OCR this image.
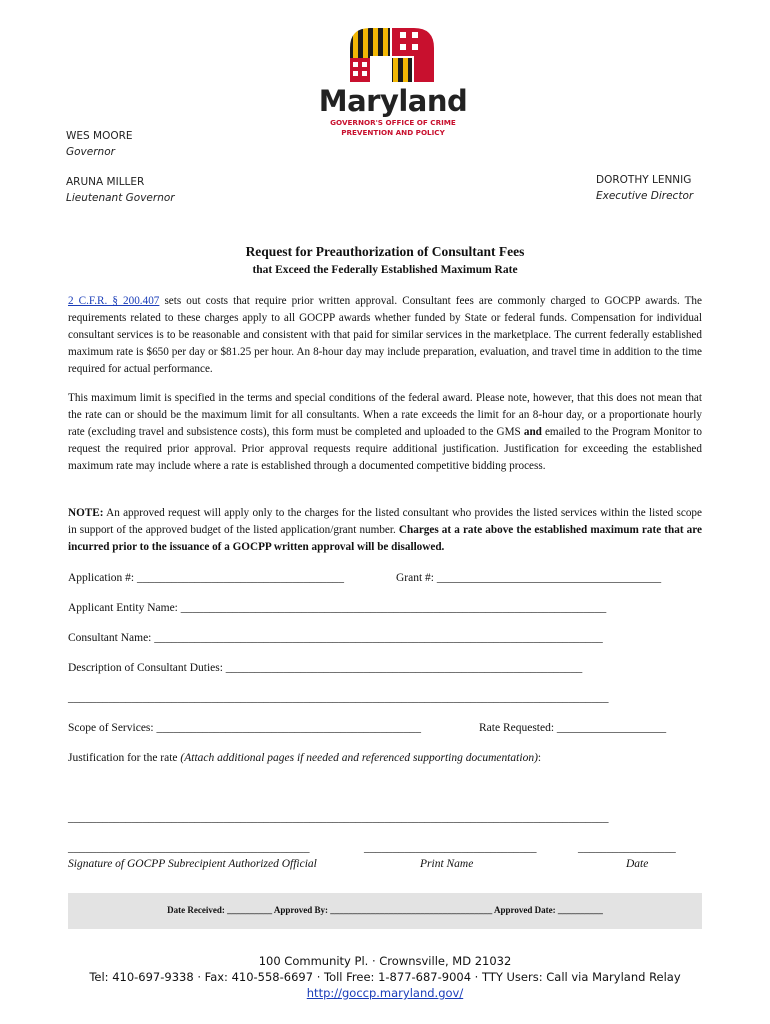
Maryland
GOVERNOR'S OFFICE OF CRIME
PREVENTION AND POLICY
WES MOORE
Governor
ARUNA MILLER
Lieutenant Governor
DOROTHY LENNIG
Executive Director
Request for Preauthorization of Consultant Fees
that Exceed the Federally Established Maximum Rate
2 C.F.R. § 200.407 sets out costs that require prior written approval. Consultant fees are commonly charged to GOCPP awards. The requirements related to these charges apply to all GOCPP awards whether funded by State or federal funds. Compensation for individual consultant services is to be reasonable and consistent with that paid for similar services in the marketplace. The current federally established maximum rate is $650 per day or $81.25 per hour. An 8-hour day may include preparation, evaluation, and travel time in addition to the time required for actual performance.
This maximum limit is specified in the terms and special conditions of the federal award. Please note, however, that this does not mean that the rate can or should be the maximum limit for all consultants. When a rate exceeds the limit for an 8-hour day, or a proportionate hourly rate (excluding travel and subsistence costs), this form must be completed and uploaded to the GMS and emailed to the Program Monitor to request the required prior approval. Prior approval requests require additional justification. Justification for exceeding the established maximum rate may include where a rate is established through a documented competitive bidding process.
NOTE: An approved request will apply only to the charges for the listed consultant who provides the listed services within the listed scope in support of the approved budget of the listed application/grant number. Charges at a rate above the established maximum rate that are incurred prior to the issuance of a GOCPP written approval will be disallowed.
Application #: ____________________________________	Grant #: _______________________________________
Applicant Entity Name: __________________________________________________________________________
Consultant Name: ______________________________________________________________________________
Description of Consultant Duties: ______________________________________________________________
______________________________________________________________________________________________
Scope of Services: ______________________________________________	Rate Requested: ___________________
Justification for the rate (Attach additional pages if needed and referenced supporting documentation):
______________________________________________________________________________________________
__________________________________________	______________________________	_________________
Signature of GOCPP Subrecipient Authorized Official	Print Name	Date
Date Received: __________ Approved By: ____________________________________ Approved Date: __________
100 Community Pl. · Crownsville, MD 21032
Tel: 410-697-9338 · Fax: 410-558-6697 · Toll Free: 1-877-687-9004 · TTY Users: Call via Maryland Relay
http://goccp.maryland.gov/
